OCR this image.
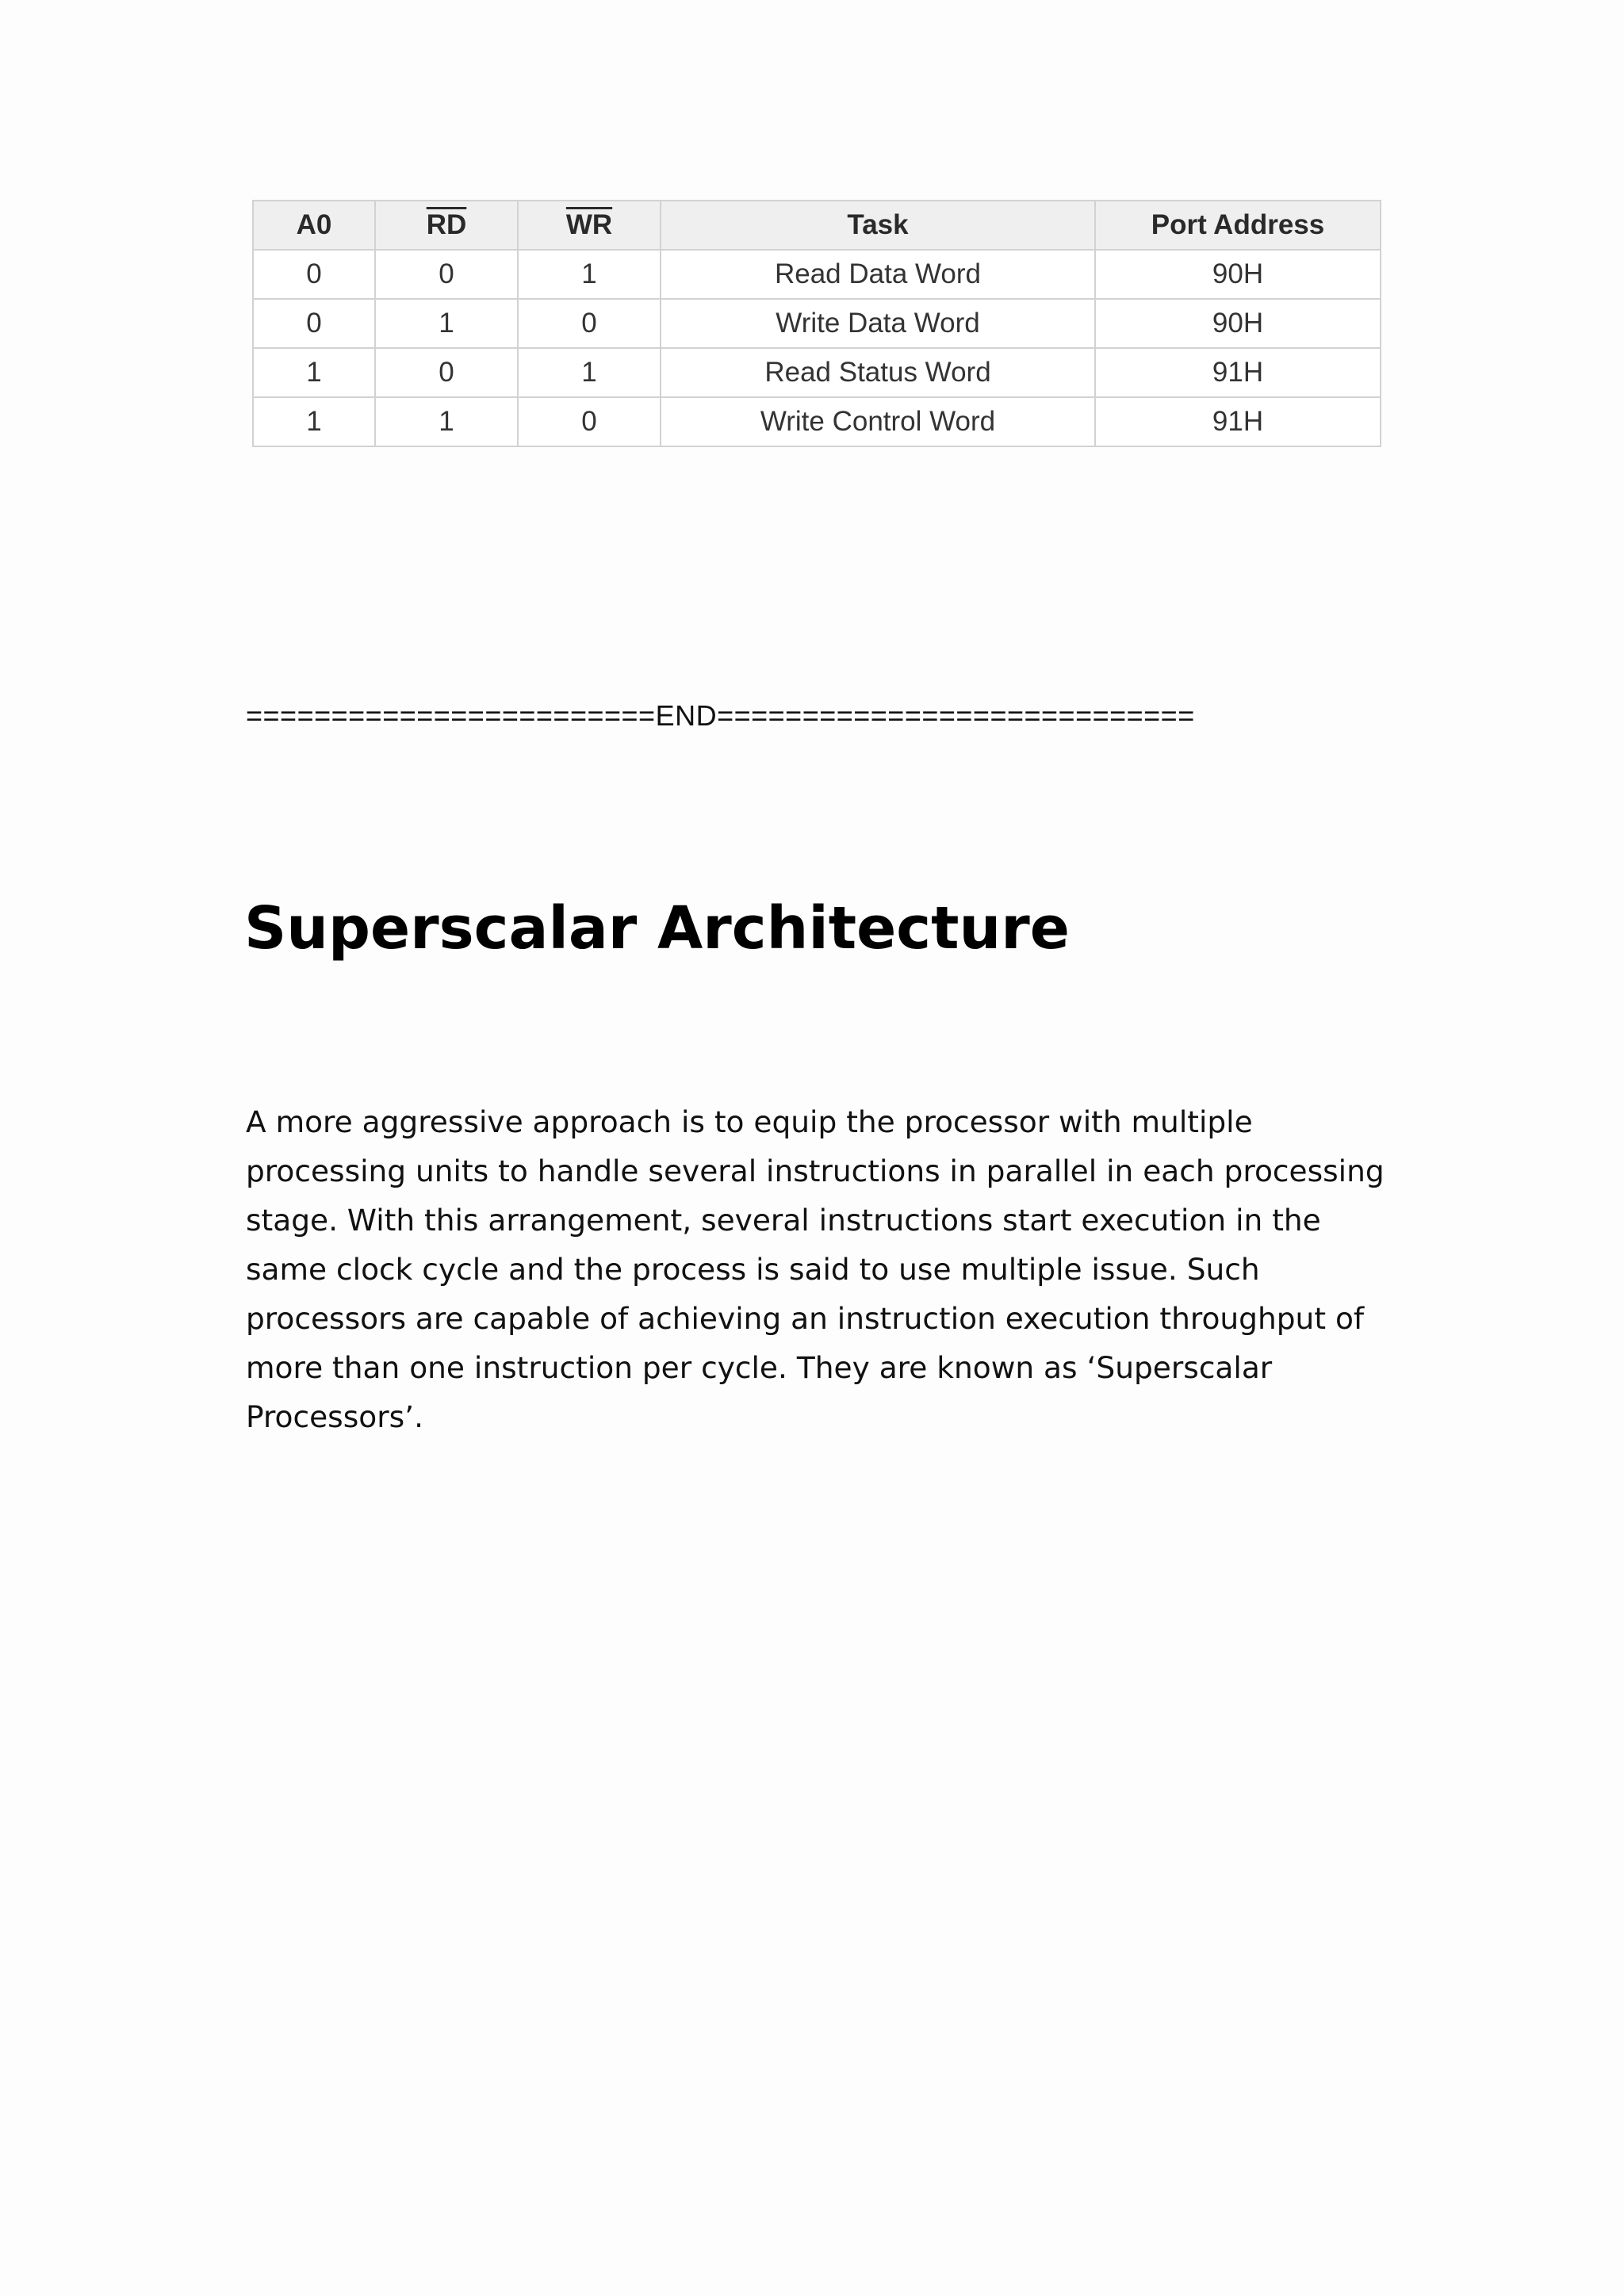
A0	$\overline{RD}$	$\overline{WR}$	Task	Port Address
0	0	1	Read Data Word	90H
0	1	0	Write Data Word	90H
1	0	1	Read Status Word	91H
1	1	0	Write Control Word	91H
========================END============================
Superscalar Architecture

A more aggressive approach is to equip the processor with multiple processing units to handle several instructions in parallel in each processing stage. With this arrangement, several instructions start execution in the same clock cycle and the process is said to use multiple issue. Such processors are capable of achieving an instruction execution throughput of more than one instruction per cycle. They are known as ‘Superscalar Processors’.
